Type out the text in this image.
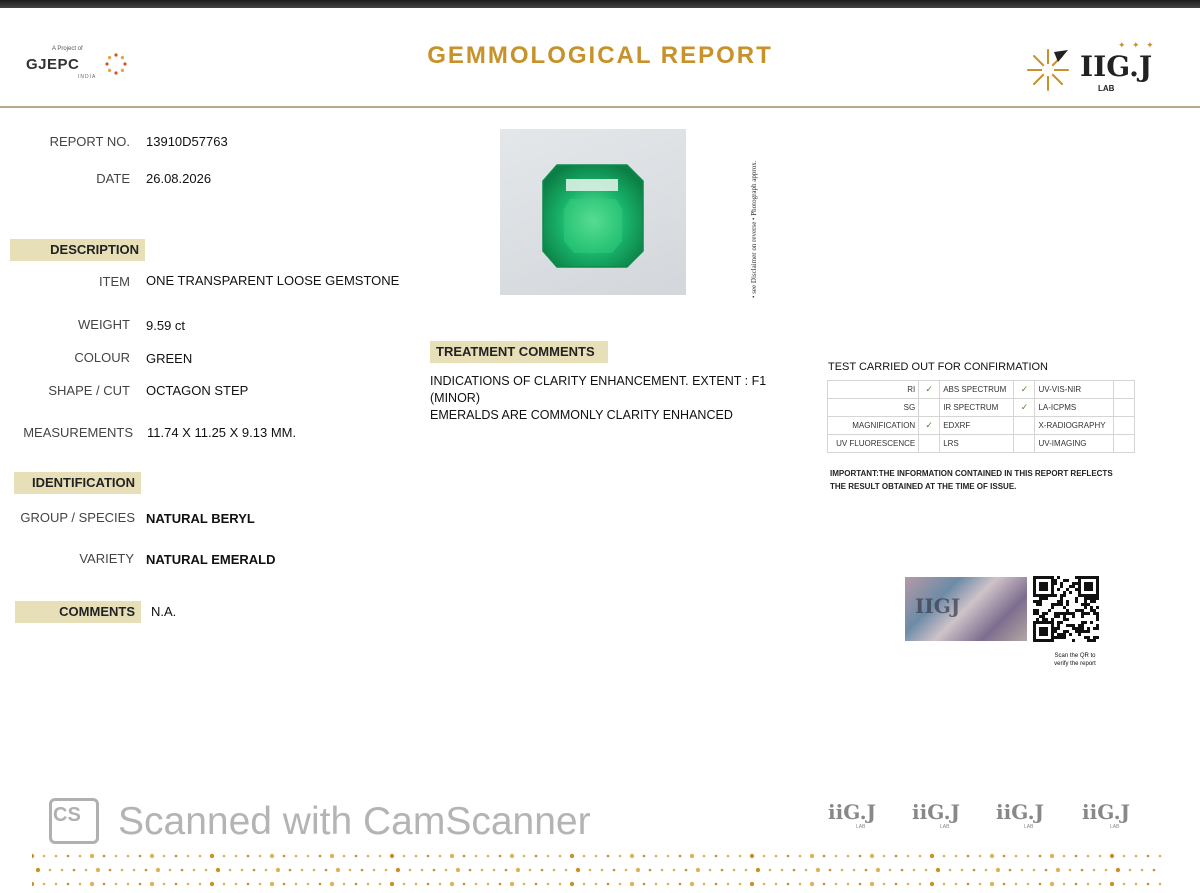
A Project of
GJEPC
INDIA
GEMMOLOGICAL REPORT	✦ ✦ ✦
IIG.J
LAB
REPORT NO. 13910D57763
DATE 26.08.2026
DESCRIPTION
ITEM ONE TRANSPARENT LOOSE GEMSTONE
WEIGHT 9.59 ct
COLOUR GREEN
SHAPE / CUT OCTAGON STEP
MEASUREMENTS 11.74 X 11.25 X 9.13 MM.
IDENTIFICATION
GROUP / SPECIES NATURAL BERYL
VARIETY NATURAL EMERALD
COMMENTS	N.A.
• see Disclaimer on reverse • Photograph approx.
TREATMENT COMMENTS
INDICATIONS OF CLARITY ENHANCEMENT. EXTENT : F1
(MINOR)
EMERALDS ARE COMMONLY CLARITY ENHANCED
TEST CARRIED OUT FOR CONFIRMATION
RI	✓	ABS SPECTRUM	✓	UV-VIS-NIR	
SG		IR SPECTRUM	✓	LA-ICPMS	
MAGNIFICATION	✓	EDXRF		X-RADIOGRAPHY	
UV FLUORESCENCE		LRS		UV-IMAGING	
IMPORTANT:THE INFORMATION CONTAINED IN THIS REPORT REFLECTS THE RESULT OBTAINED AT THE TIME OF ISSUE.
IIGJ
Scan the QR to
verify the report
CS Scanned with CamScanner	iiG.J
LAB
iiG.J
LAB
iiG.J
LAB
iiG.J
LAB
